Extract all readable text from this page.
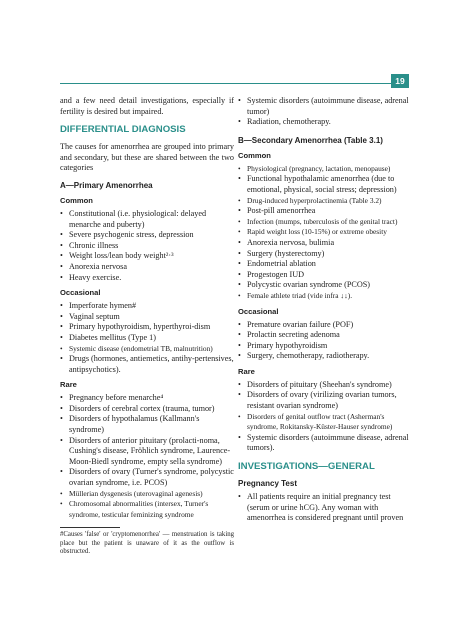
19

and a few need detail investigations, especially if fertility is desired but impaired.

DIFFERENTIAL DIAGNOSIS

The causes for amenorrhea are grouped into primary and secondary, but these are shared between the two categories

A—Primary Amenorrhea
Common
• Constitutional (i.e. physiological: delayed menarche and puberty)
• Severe psychogenic stress, depression
• Chronic illness
• Weight loss/lean body weight²·³
• Anorexia nervosa
• Heavy exercise.
Occasional
• Imperforate hymen#
• Vaginal septum
• Primary hypothyroidism, hyperthyroi-dism
• Diabetes mellitus (Type 1)
• Systemic disease (endometrial TB, malnutrition)
• Drugs (hormones, antiemetics, antihy-pertensives, antipsychotics).
Rare
• Pregnancy before menarche⁴
• Disorders of cerebral cortex (trauma, tumor)
• Disorders of hypothalamus (Kallmann's syndrome)
• Disorders of anterior pituitary (prolacti-noma, Cushing's disease, Fröhlich syndrome, Laurence-Moon-Biedl syndrome, empty sella syndrome)
• Disorders of ovary (Turner's syndrome, polycystic ovarian syndrome, i.e. PCOS)
• Müllerian dysgenesis (uterovaginal agenesis)
• Chromosomal abnormalities (intersex, Turner's syndrome, testicular feminizing syndrome
#Causes 'false' or 'cryptomenorrhea' — menstruation is taking place but the patient is unaware of it as the outflow is obstructed.
• Systemic disorders (autoimmune disease, adrenal tumor)
• Radiation, chemotherapy.
B—Secondary Amenorrhea (Table 3.1)
Common
• Physiological (pregnancy, lactation, menopause)
• Functional hypothalamic amenorrhea (due to emotional, physical, social stress; depression)
• Drug-induced hyperprolactinemia (Table 3.2)
• Post-pill amenorrhea
• Infection (mumps, tuberculosis of the genital tract)
• Rapid weight loss (10-15%) or extreme obesity
• Anorexia nervosa, bulimia
• Surgery (hysterectomy)
• Endometrial ablation
• Progestogen IUD
• Polycystic ovarian syndrome (PCOS)
• Female athlete triad (vide infra ↓↓).
Occasional
• Premature ovarian failure (POF)
• Prolactin secreting adenoma
• Primary hypothyroidism
• Surgery, chemotherapy, radiotherapy.
Rare
• Disorders of pituitary (Sheehan's syndrome)
• Disorders of ovary (virilizing ovarian tumors, resistant ovarian syndrome)
• Disorders of genital outflow tract (Asherman's syndrome, Rokitansky-Küster-Hauser syndrome)
• Systemic disorders (autoimmune disease, adrenal tumors).
INVESTIGATIONS—GENERAL
Pregnancy Test
• All patients require an initial pregnancy test (serum or urine hCG). Any woman with amenorrhea is considered pregnant until proven
